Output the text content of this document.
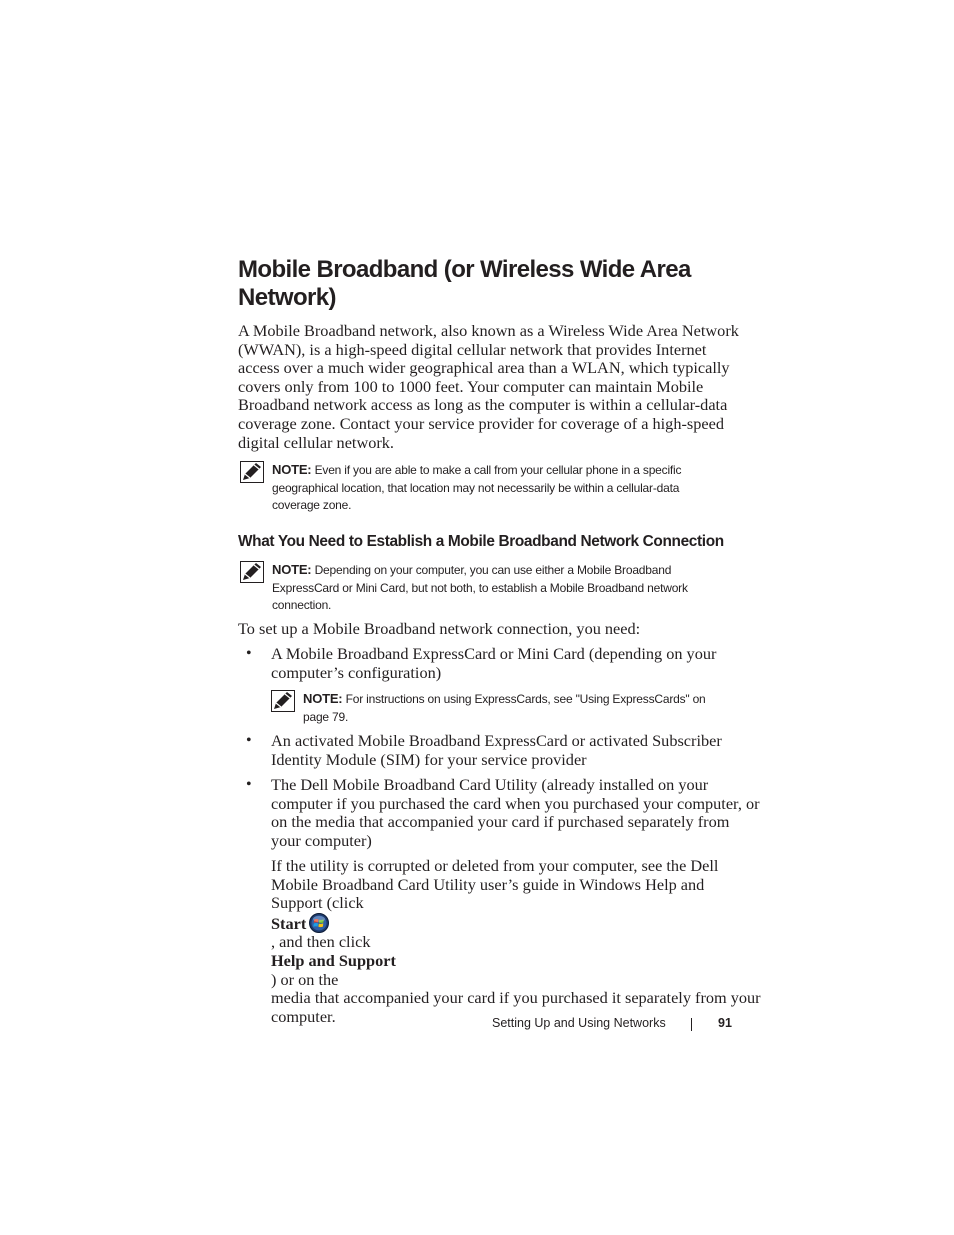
Mobile Broadband (or Wireless Wide Area
Network)
A Mobile Broadband network, also known as a Wireless Wide Area Network
(WWAN), is a high-speed digital cellular network that provides Internet
access over a much wider geographical area than a WLAN, which typically
covers only from 100 to 1000 feet. Your computer can maintain Mobile
Broadband network access as long as the computer is within a cellular-data
coverage zone. Contact your service provider for coverage of a high-speed
digital cellular network.
NOTE: Even if you are able to make a call from your cellular phone in a specific
geographical location, that location may not necessarily be within a cellular-data
coverage zone.
What You Need to Establish a Mobile Broadband Network Connection
NOTE: Depending on your computer, you can use either a Mobile Broadband
ExpressCard or Mini Card, but not both, to establish a Mobile Broadband network
connection.
To set up a Mobile Broadband network connection, you need:
• A Mobile Broadband ExpressCard or Mini Card (depending on your
computer’s configuration)
NOTE: For instructions on using ExpressCards, see "Using ExpressCards" on
page 79.
• An activated Mobile Broadband ExpressCard or activated Subscriber
Identity Module (SIM) for your service provider
• The Dell Mobile Broadband Card Utility (already installed on your
computer if you purchased the card when you purchased your computer, or
on the media that accompanied your card if purchased separately from
your computer)
If the utility is corrupted or deleted from your computer, see the Dell
Mobile Broadband Card Utility user’s guide in Windows Help and
Support (click
Start
, and then click
Help and Support
) or on the
media that accompanied your card if you purchased it separately from your
computer.	Setting Up and Using Networks	91
